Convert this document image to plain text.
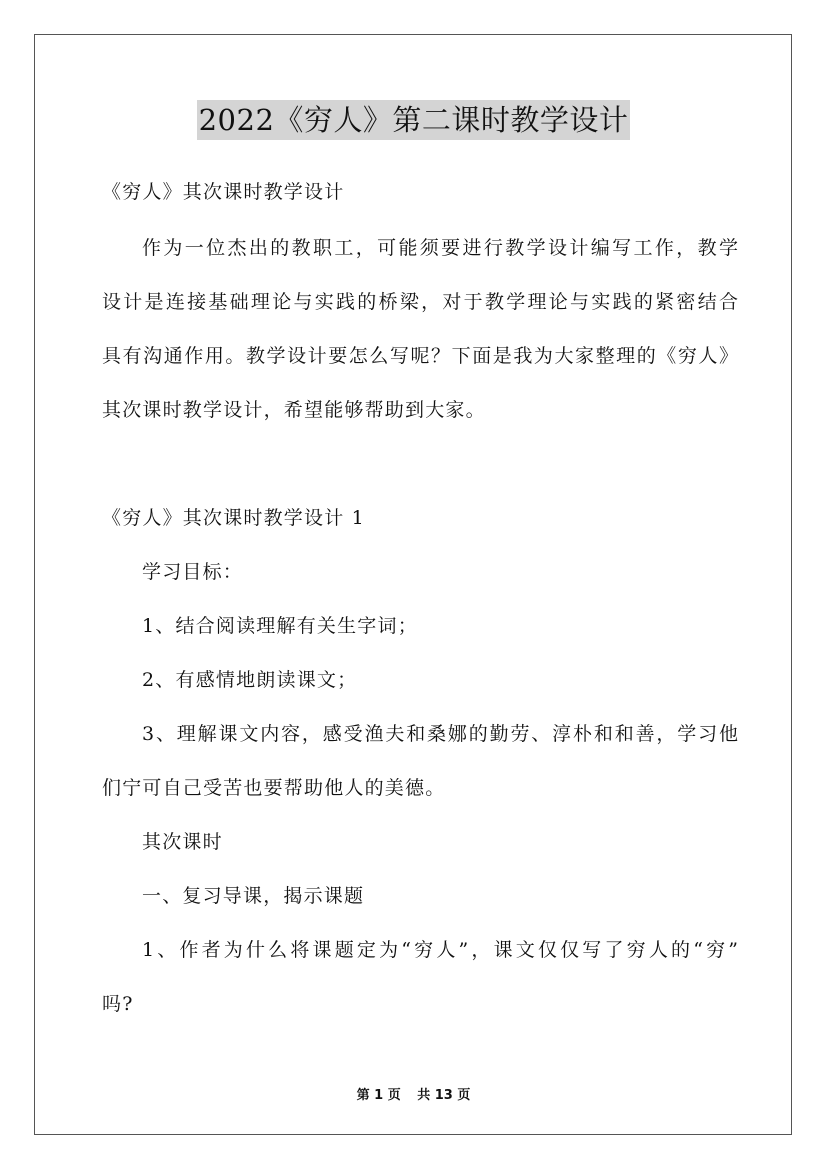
2022《穷人》第二课时教学设计
《穷人》其次课时教学设计
作为一位杰出的教职工，可能须要进行教学设计编写工作，教学
设计是连接基础理论与实践的桥梁，对于教学理论与实践的紧密结合
具有沟通作用。教学设计要怎么写呢？下面是我为大家整理的《穷人》
其次课时教学设计，希望能够帮助到大家。
《穷人》其次课时教学设计 1
学习目标：
1、结合阅读理解有关生字词；
2、有感情地朗读课文；
3、理解课文内容，感受渔夫和桑娜的勤劳、淳朴和和善，学习他
们宁可自己受苦也要帮助他人的美德。
其次课时
一、复习导课，揭示课题
1、作者为什么将课题定为“穷人”，课文仅仅写了穷人的“穷”
吗?
第 1 页 共 13 页
